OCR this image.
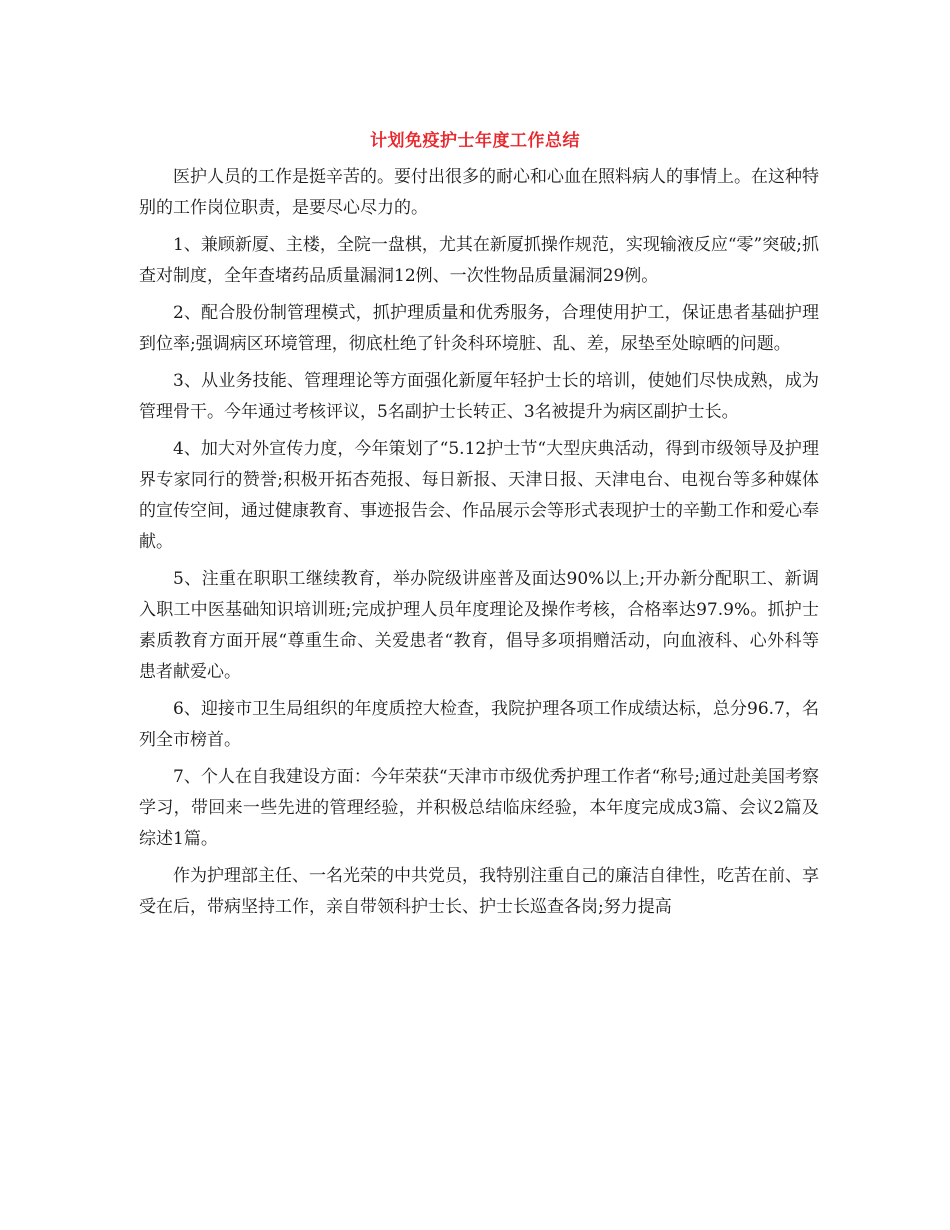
计划免疫护士年度工作总结

医护人员的工作是挺辛苦的。要付出很多的耐心和心血在照料病人的事情上。在这种特别的工作岗位职责，是要尽心尽力的。

1、兼顾新厦、主楼，全院一盘棋，尤其在新厦抓操作规范，实现输液反应“零”突破;抓查对制度，全年查堵药品质量漏洞12例、一次性物品质量漏洞29例。

2、配合股份制管理模式，抓护理质量和优秀服务，合理使用护工，保证患者基础护理到位率;强调病区环境管理，彻底杜绝了针灸科环境脏、乱、差，尿垫至处晾晒的问题。

3、从业务技能、管理理论等方面强化新厦年轻护士长的培训，使她们尽快成熟，成为管理骨干。今年通过考核评议，5名副护士长转正、3名被提升为病区副护士长。

4、加大对外宣传力度，今年策划了“5.12护士节“大型庆典活动，得到市级领导及护理界专家同行的赞誉;积极开拓杏苑报、每日新报、天津日报、天津电台、电视台等多种媒体的宣传空间，通过健康教育、事迹报告会、作品展示会等形式表现护士的辛勤工作和爱心奉献。

5、注重在职职工继续教育，举办院级讲座普及面达90%以上;开办新分配职工、新调入职工中医基础知识培训班;完成护理人员年度理论及操作考核，合格率达97.9%。抓护士素质教育方面开展“尊重生命、关爱患者“教育，倡导多项捐赠活动，向血液科、心外科等患者献爱心。

6、迎接市卫生局组织的年度质控大检查，我院护理各项工作成绩达标，总分96.7，名列全市榜首。

7、个人在自我建设方面：今年荣获“天津市市级优秀护理工作者“称号;通过赴美国考察学习，带回来一些先进的管理经验，并积极总结临床经验，本年度完成成3篇、会议2篇及综述1篇。

作为护理部主任、一名光荣的中共党员，我特别注重自己的廉洁自律性，吃苦在前、享受在后，带病坚持工作，亲自带领科护士长、护士长巡查各岗;努力提高
